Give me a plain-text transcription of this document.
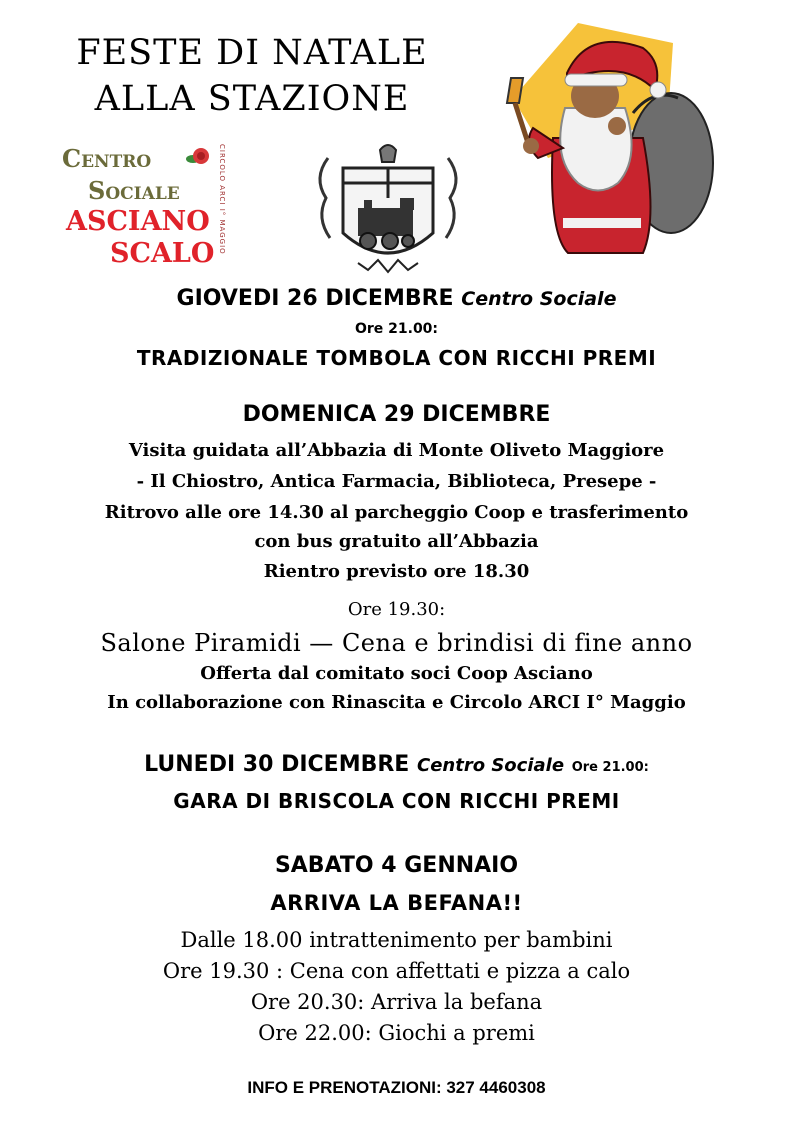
FESTE DI NATALE
ALLA STAZIONE
Centro
Sociale
ASCIANO
SCALO CIRCOLO ARCI I° MAGGIO
GIOVEDI 26 DICEMBRE Centro Sociale
Ore 21.00:
TRADIZIONALE TOMBOLA CON RICCHI PREMI
DOMENICA 29 DICEMBRE
Visita guidata all’Abbazia di Monte Oliveto Maggiore
- Il Chiostro, Antica Farmacia, Biblioteca, Presepe -
Ritrovo alle ore 14.30 al parcheggio Coop e trasferimento
con bus gratuito all’Abbazia
Rientro previsto ore 18.30
Ore 19.30:
Salone Piramidi — Cena e brindisi di fine anno
Offerta dal comitato soci Coop Asciano
In collaborazione con Rinascita e Circolo ARCI I° Maggio
LUNEDI 30 DICEMBRE Centro Sociale Ore 21.00:
GARA DI BRISCOLA CON RICCHI PREMI
SABATO 4 GENNAIO
ARRIVA LA BEFANA!!
Dalle 18.00 intrattenimento per bambini
Ore 19.30 : Cena con affettati e pizza a calo
Ore 20.30: Arriva la befana
Ore 22.00: Giochi a premi
INFO E PRENOTAZIONI: 327 4460308
